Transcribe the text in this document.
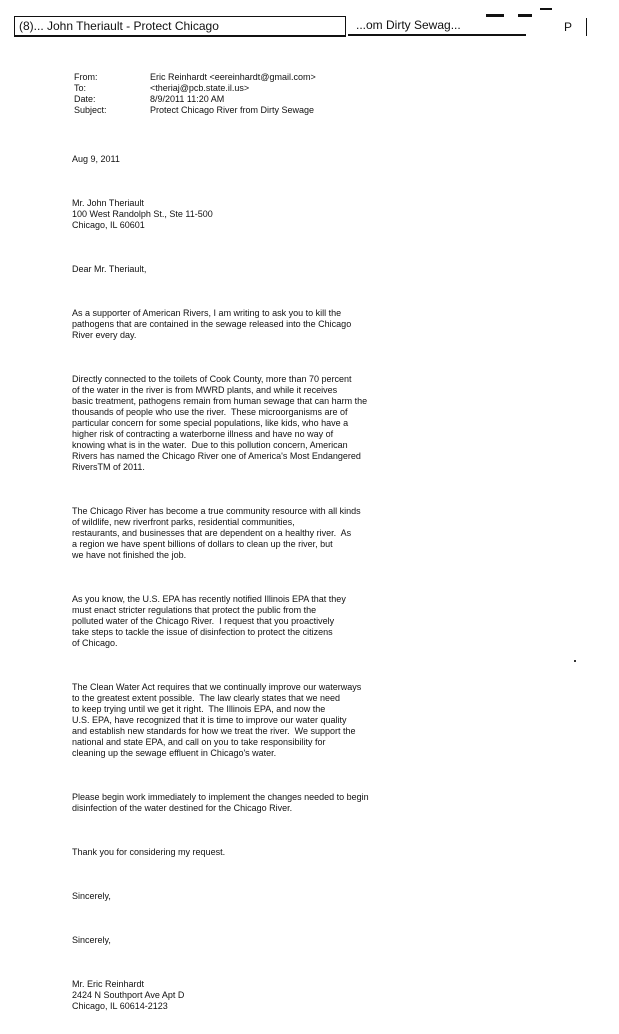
(8)... John Theriault - Protect Chicago	...om Dirty Sewag...	P
From:	Eric Reinhardt <eereinhardt@gmail.com>
To:	<theriaj@pcb.state.il.us>
Date:	8/9/2011 11:20 AM
Subject:	Protect Chicago River from Dirty Sewage

Aug 9, 2011

Mr. John Theriault
100 West Randolph St., Ste 11-500
Chicago, IL 60601

Dear Mr. Theriault,

As a supporter of American Rivers, I am writing to ask you to kill the
pathogens that are contained in the sewage released into the Chicago
River every day.

Directly connected to the toilets of Cook County, more than 70 percent
of the water in the river is from MWRD plants, and while it receives
basic treatment, pathogens remain from human sewage that can harm the
thousands of people who use the river.  These microorganisms are of
particular concern for some special populations, like kids, who have a
higher risk of contracting a waterborne illness and have no way of
knowing what is in the water.  Due to this pollution concern, American
Rivers has named the Chicago River one of America's Most Endangered
RiversTM of 2011.

The Chicago River has become a true community resource with all kinds
of wildlife, new riverfront parks, residential communities,
restaurants, and businesses that are dependent on a healthy river.  As
a region we have spent billions of dollars to clean up the river, but
we have not finished the job.

As you know, the U.S. EPA has recently notified Illinois EPA that they
must enact stricter regulations that protect the public from the
polluted water of the Chicago River.  I request that you proactively
take steps to tackle the issue of disinfection to protect the citizens
of Chicago.

The Clean Water Act requires that we continually improve our waterways
to the greatest extent possible.  The law clearly states that we need
to keep trying until we get it right.  The Illinois EPA, and now the
U.S. EPA, have recognized that it is time to improve our water quality
and establish new standards for how we treat the river.  We support the
national and state EPA, and call on you to take responsibility for
cleaning up the sewage effluent in Chicago's water.

Please begin work immediately to implement the changes needed to begin
disinfection of the water destined for the Chicago River.

Thank you for considering my request.

Sincerely,

Sincerely,

Mr. Eric Reinhardt
2424 N Southport Ave Apt D
Chicago, IL 60614-2123
